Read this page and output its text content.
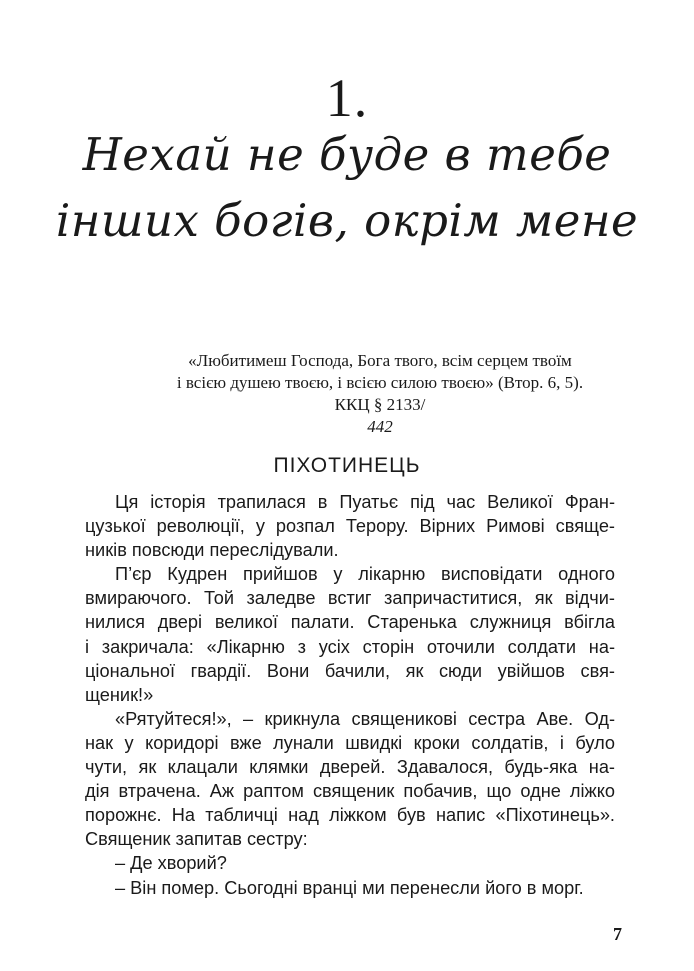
1.
Нехай не буде в тебе
інших богів, окрім мене
«Любитимеш Господа, Бога твого, всім серцем твоїм
і всією душею твоєю, і всією силою твоєю» (Втор. 6, 5).
ККЦ § 2133/
442
ПІХОТИНЕЦЬ
Ця історія трапилася в Пуатьє під час Великої Фран-
цузької революції, у розпал Терору. Вірних Римові свяще-
ників повсюди переслідували.
П’єр Кудрен прийшов у лікарню висповідати одного
вмираючого. Той заледве встиг запричаститися, як відчи-
нилися двері великої палати. Старенька служниця вбігла
і закричала: «Лікарню з усіх сторін оточили солдати на-
ціональної гвардії. Вони бачили, як сюди увійшов свя-
щеник!»
«Рятуйтеся!», – крикнула священикові сестра Аве. Од-
нак у коридорі вже лунали швидкі кроки солдатів, і було
чути, як клацали клямки дверей. Здавалося, будь-яка на-
дія втрачена. Аж раптом священик побачив, що одне ліжко
порожнє. На табличці над ліжком був напис «Піхотинець».
Священик запитав сестру:
– Де хворий?
– Він помер. Сьогодні вранці ми перенесли його в морг.
7
